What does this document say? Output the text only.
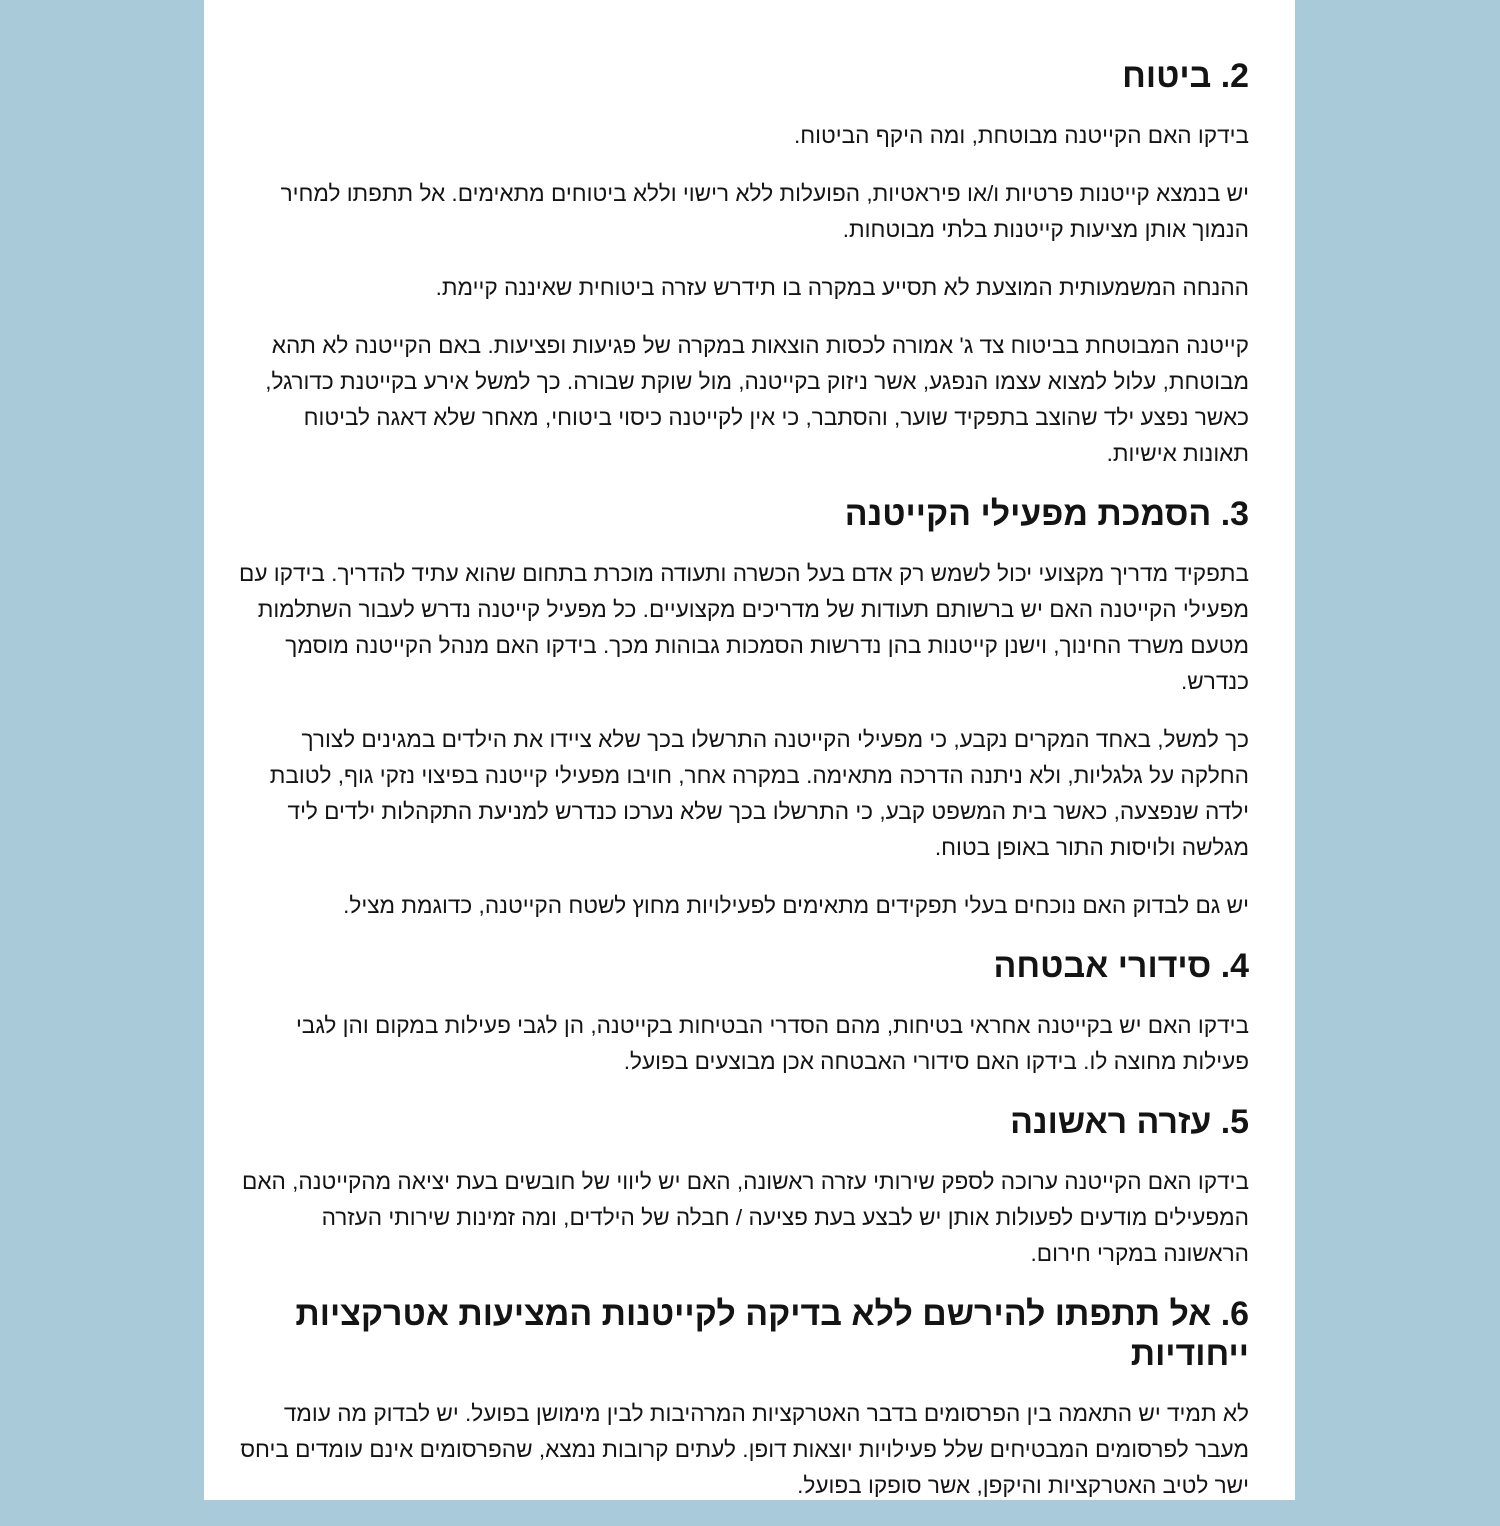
2. ביטוח

בידקו האם הקייטנה מבוטחת, ומה היקף הביטוח.

יש בנמצא קייטנות פרטיות ו/או פיראטיות, הפועלות ללא רישוי וללא ביטוחים מתאימים. אל תתפתו למחיר הנמוך אותן מציעות קייטנות בלתי מבוטחות.

ההנחה המשמעותית המוצעת לא תסייע במקרה בו תידרש עזרה ביטוחית שאיננה קיימת.

קייטנה המבוטחת בביטוח צד ג' אמורה לכסות הוצאות במקרה של פגיעות ופציעות. באם הקייטנה לא תהא מבוטחת, עלול למצוא עצמו הנפגע, אשר ניזוק בקייטנה, מול שוקת שבורה. כך למשל אירע בקייטנת כדורגל, כאשר נפצע ילד שהוצב בתפקיד שוער, והסתבר, כי אין לקייטנה כיסוי ביטוחי, מאחר שלא דאגה לביטוח תאונות אישיות.

3. הסמכת מפעילי הקייטנה

בתפקיד מדריך מקצועי יכול לשמש רק אדם בעל הכשרה ותעודה מוכרת בתחום שהוא עתיד להדריך. בידקו עם מפעילי הקייטנה האם יש ברשותם תעודות של מדריכים מקצועיים. כל מפעיל קייטנה נדרש לעבור השתלמות מטעם משרד החינוך, וישנן קייטנות בהן נדרשות הסמכות גבוהות מכך. בידקו האם מנהל הקייטנה מוסמך כנדרש.

כך למשל, באחד המקרים נקבע, כי מפעילי הקייטנה התרשלו בכך שלא ציידו את הילדים במגינים לצורך החלקה על גלגליות, ולא ניתנה הדרכה מתאימה. במקרה אחר, חויבו מפעילי קייטנה בפיצוי נזקי גוף, לטובת ילדה שנפצעה, כאשר בית המשפט קבע, כי התרשלו בכך שלא נערכו כנדרש למניעת התקהלות ילדים ליד מגלשה ולויסות התור באופן בטוח.

יש גם לבדוק האם נוכחים בעלי תפקידים מתאימים לפעילויות מחוץ לשטח הקייטנה, כדוגמת מציל.

4. סידורי אבטחה

בידקו האם יש בקייטנה אחראי בטיחות, מהם הסדרי הבטיחות בקייטנה, הן לגבי פעילות במקום והן לגבי פעילות מחוצה לו. בידקו האם סידורי האבטחה אכן מבוצעים בפועל.

5. עזרה ראשונה

בידקו האם הקייטנה ערוכה לספק שירותי עזרה ראשונה, האם יש ליווי של חובשים בעת יציאה מהקייטנה, האם המפעילים מודעים לפעולות אותן יש לבצע בעת פציעה / חבלה של הילדים, ומה זמינות שירותי העזרה הראשונה במקרי חירום.

6. אל תתפתו להירשם ללא בדיקה לקייטנות המציעות אטרקציות ייחודיות

לא תמיד יש התאמה בין הפרסומים בדבר האטרקציות המרהיבות לבין מימושן בפועל. יש לבדוק מה עומד מעבר לפרסומים המבטיחים שלל פעילויות יוצאות דופן. לעתים קרובות נמצא, שהפרסומים אינם עומדים ביחס ישר לטיב האטרקציות והיקפן, אשר סופקו בפועל.
